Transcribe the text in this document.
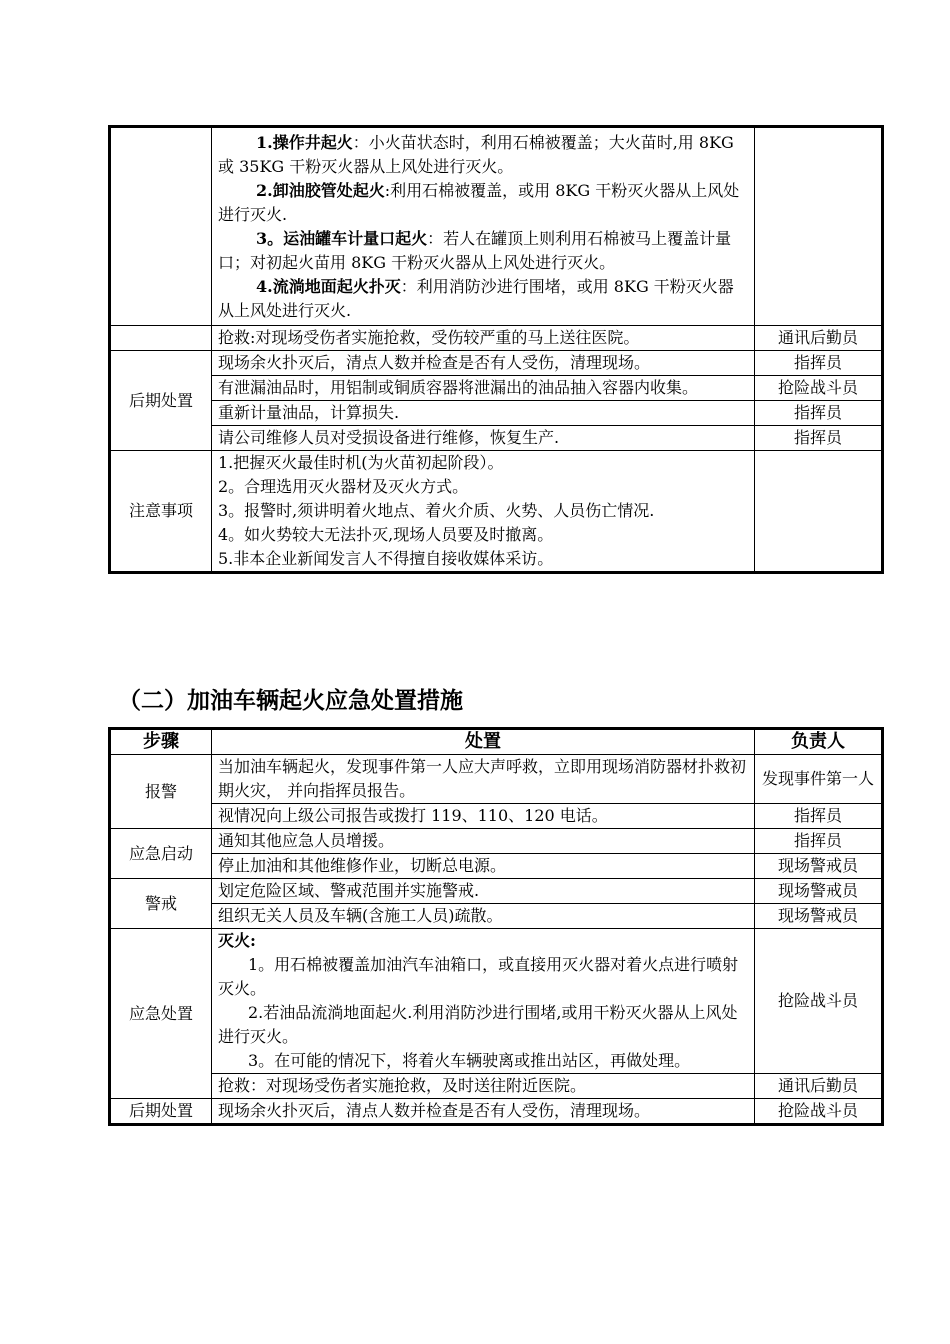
	1.操作井起火：小火苗状态时，利用石棉被覆盖；大火苗时,用 8KG 或 35KG 干粉灭火器从上风处进行灭火。
2.卸油胶管处起火:利用石棉被覆盖，或用 8KG 干粉灭火器从上风处进行灭火.
3。运油罐车计量口起火：若人在罐顶上则利用石棉被马上覆盖计量口；对初起火苗用 8KG 干粉灭火器从上风处进行灭火。
4.流淌地面起火扑灭：利用消防沙进行围堵，或用 8KG 干粉灭火器从上风处进行灭火.	

	抢救:对现场受伤者实施抢救，受伤较严重的马上送往医院。	通讯后勤员
后期处置	现场余火扑灭后，清点人数并检查是否有人受伤，清理现场。	指挥员
	有泄漏油品时，用铝制或铜质容器将泄漏出的油品抽入容器内收集。	抢险战斗员
	重新计量油品，计算损失.	指挥员
	请公司维修人员对受损设备进行维修，恢复生产.	指挥员
注意事项	1.把握灭火最佳时机(为火苗初起阶段）。
2。合理选用灭火器材及灭火方式。
3。报警时,须讲明着火地点、着火介质、火势、人员伤亡情况.
4。如火势较大无法扑灭,现场人员要及时撤离。
5.非本企业新闻发言人不得擅自接收媒体采访。	

（二）加油车辆起火应急处置措施
步骤	处置	负责人
报警	当加油车辆起火，发现事件第一人应大声呼救，立即用现场消防器材扑救初期火灾， 并向指挥员报告。	发现事件第一人
	视情况向上级公司报告或拨打 119、110、120 电话。	指挥员
应急启动	通知其他应急人员增援。	指挥员
	停止加油和其他维修作业，切断总电源。	现场警戒员
警戒	划定危险区域、警戒范围并实施警戒.	现场警戒员
	组织无关人员及车辆(含施工人员)疏散。	现场警戒员
应急处置	灭火:
1。用石棉被覆盖加油汽车油箱口，或直接用灭火器对着火点进行喷射灭火。
2.若油品流淌地面起火.利用消防沙进行围堵,或用干粉灭火器从上风处进行灭火。
3。在可能的情况下，将着火车辆驶离或推出站区，再做处理。	抢险战斗员
	抢救：对现场受伤者实施抢救，及时送往附近医院。	通讯后勤员
后期处置	现场余火扑灭后，清点人数并检查是否有人受伤，清理现场。	抢险战斗员
